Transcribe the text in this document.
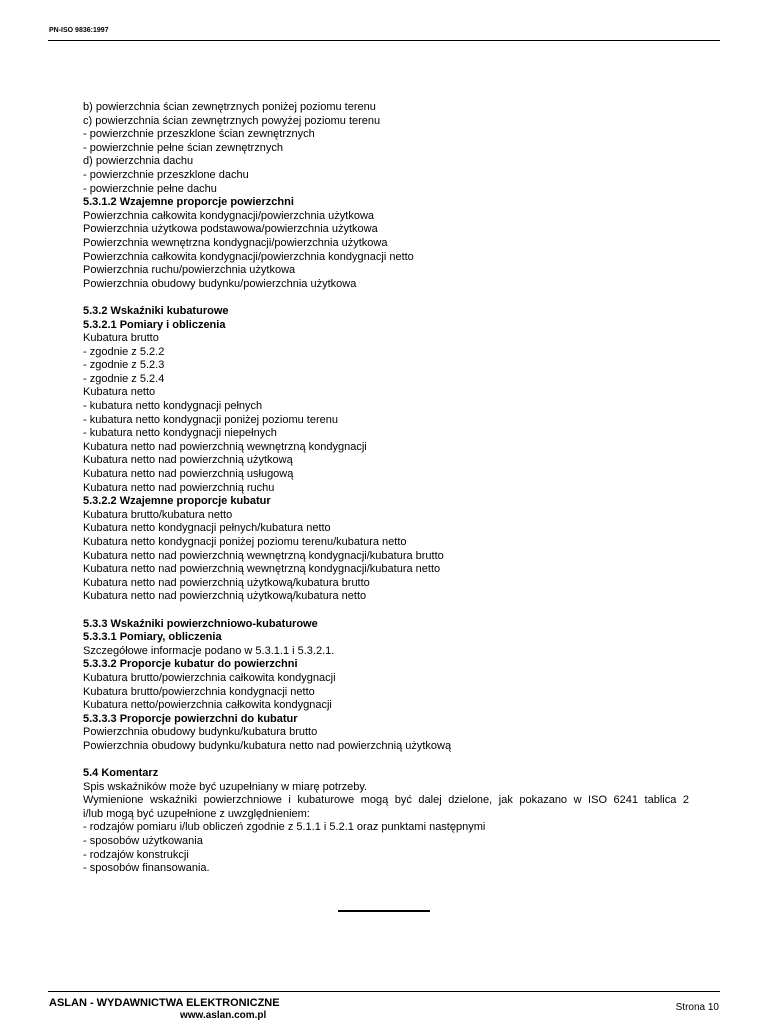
PN-ISO 9836:1997
b) powierzchnia ścian zewnętrznych poniżej poziomu terenu
c) powierzchnia ścian zewnętrznych powyżej poziomu terenu
- powierzchnie przeszklone ścian zewnętrznych
- powierzchnie pełne ścian zewnętrznych
d) powierzchnia dachu
- powierzchnie przeszklone dachu
- powierzchnie pełne dachu
5.3.1.2 Wzajemne proporcje powierzchni
Powierzchnia całkowita kondygnacji/powierzchnia użytkowa
Powierzchnia użytkowa podstawowa/powierzchnia użytkowa
Powierzchnia wewnętrzna kondygnacji/powierzchnia użytkowa
Powierzchnia całkowita kondygnacji/powierzchnia kondygnacji netto
Powierzchnia ruchu/powierzchnia użytkowa
Powierzchnia obudowy budynku/powierzchnia użytkowa
5.3.2 Wskaźniki kubaturowe
5.3.2.1 Pomiary i obliczenia
Kubatura brutto
- zgodnie z 5.2.2
- zgodnie z 5.2.3
- zgodnie z 5.2.4
Kubatura netto
- kubatura netto kondygnacji pełnych
- kubatura netto kondygnacji poniżej poziomu terenu
- kubatura netto kondygnacji niepełnych
Kubatura netto nad powierzchnią wewnętrzną kondygnacji
Kubatura netto nad powierzchnią użytkową
Kubatura netto nad powierzchnią usługową
Kubatura netto nad powierzchnią ruchu
5.3.2.2 Wzajemne proporcje kubatur
Kubatura brutto/kubatura netto
Kubatura netto kondygnacji pełnych/kubatura netto
Kubatura netto kondygnacji poniżej poziomu terenu/kubatura netto
Kubatura netto nad powierzchnią wewnętrzną kondygnacji/kubatura brutto
Kubatura netto nad powierzchnią wewnętrzną kondygnacji/kubatura netto
Kubatura netto nad powierzchnią użytkową/kubatura brutto
Kubatura netto nad powierzchnią użytkową/kubatura netto
5.3.3 Wskaźniki powierzchniowo-kubaturowe
5.3.3.1 Pomiary, obliczenia
Szczegółowe informacje podano w 5.3.1.1 i 5.3.2.1.
5.3.3.2 Proporcje kubatur do powierzchni
Kubatura brutto/powierzchnia całkowita kondygnacji
Kubatura brutto/powierzchnia kondygnacji netto
Kubatura netto/powierzchnia całkowita kondygnacji
5.3.3.3 Proporcje powierzchni do kubatur
Powierzchnia obudowy budynku/kubatura brutto
Powierzchnia obudowy budynku/kubatura netto nad powierzchnią użytkową
5.4 Komentarz
Spis wskaźników może być uzupełniany w miarę potrzeby.
Wymienione wskaźniki powierzchniowe i kubaturowe mogą być dalej dzielone, jak pokazano w ISO 6241 tablica 2
i/lub mogą być uzupełnione z uwzględnieniem:
- rodzajów pomiaru i/lub obliczeń zgodnie z 5.1.1 i 5.2.1 oraz punktami następnymi
- sposobów użytkowania
- rodzajów konstrukcji
- sposobów finansowania.
ASLAN - WYDAWNICTWA ELEKTRONICZNE
www.aslan.com.pl
Strona 10
